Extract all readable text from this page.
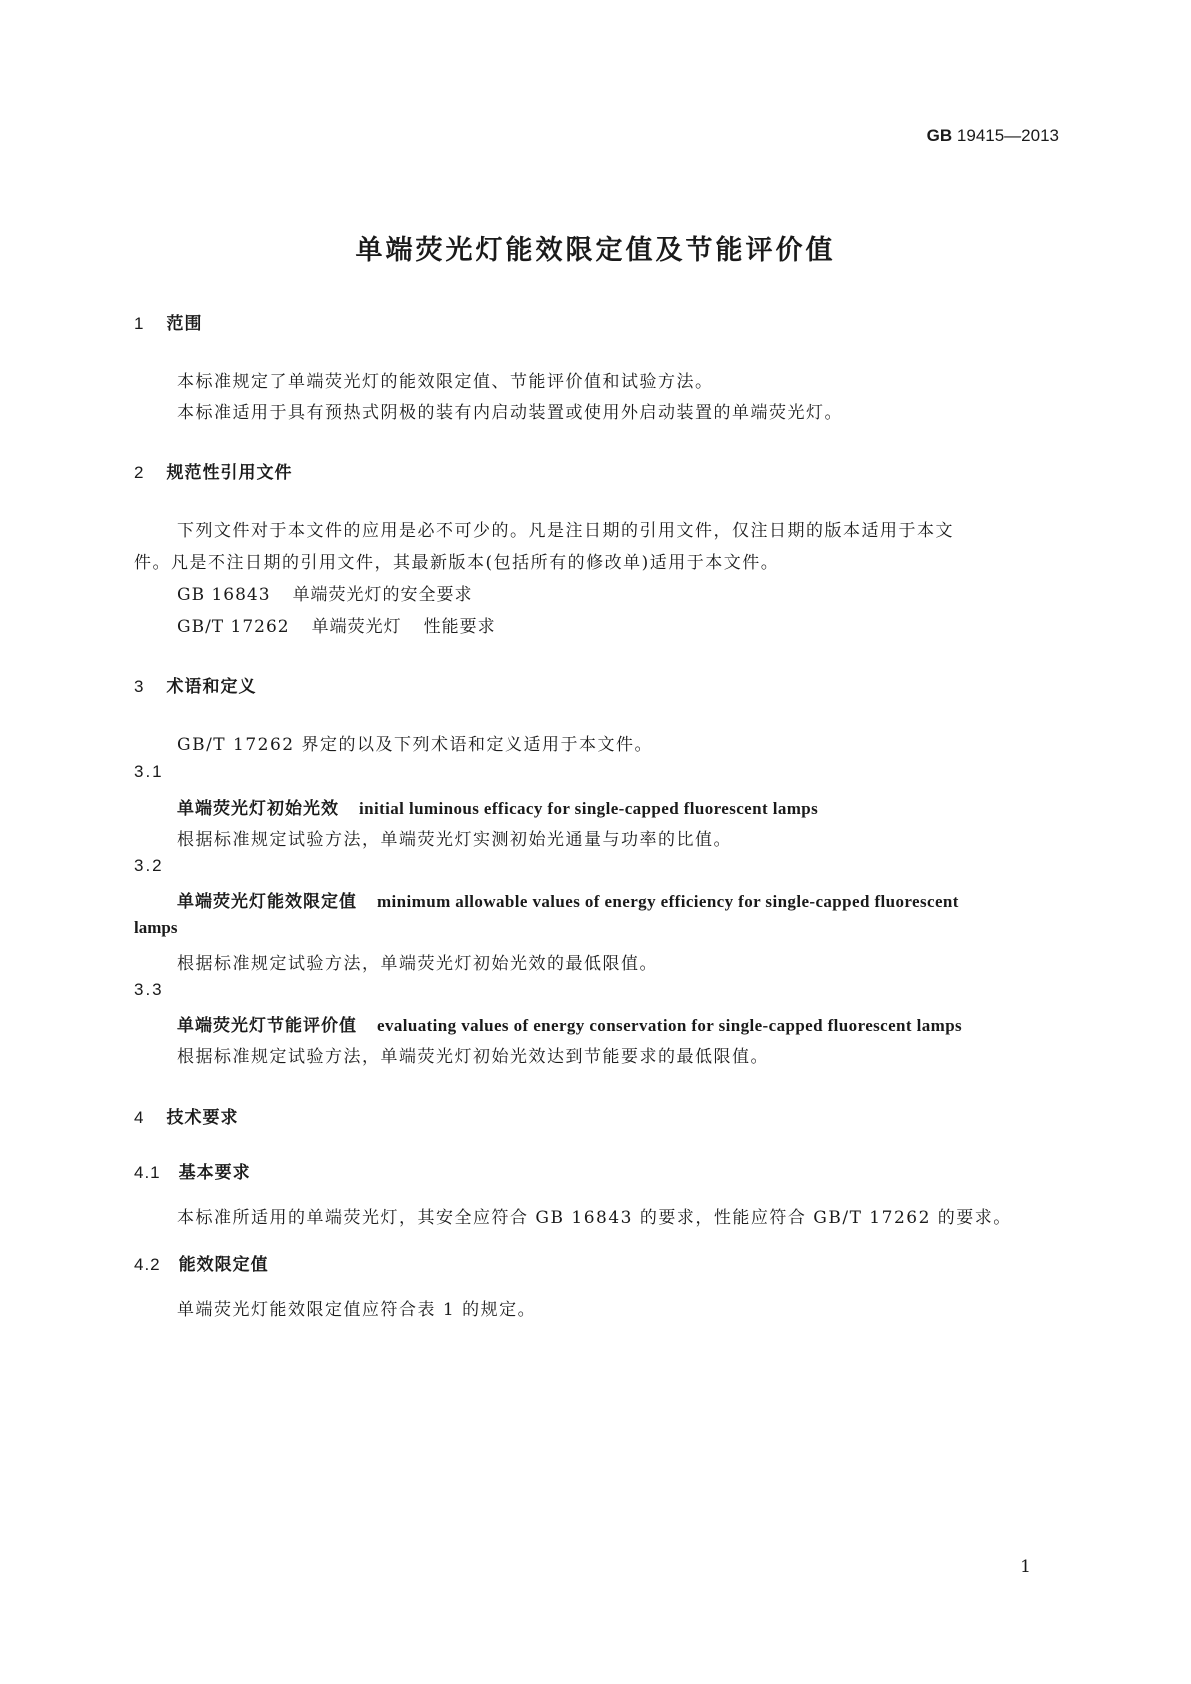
GB 19415—2013
单端荧光灯能效限定值及节能评价值
1 范围
本标准规定了单端荧光灯的能效限定值、节能评价值和试验方法。
本标准适用于具有预热式阴极的装有内启动装置或使用外启动装置的单端荧光灯。
2 规范性引用文件
下列文件对于本文件的应用是必不可少的。凡是注日期的引用文件，仅注日期的版本适用于本文
件。凡是不注日期的引用文件，其最新版本(包括所有的修改单)适用于本文件。
GB 16843 单端荧光灯的安全要求
GB/T 17262 单端荧光灯 性能要求
3 术语和定义
GB/T 17262 界定的以及下列术语和定义适用于本文件。
3.1
单端荧光灯初始光效 initial luminous efficacy for single-capped fluorescent lamps
根据标准规定试验方法，单端荧光灯实测初始光通量与功率的比值。
3.2
单端荧光灯能效限定值 minimum allowable values of energy efficiency for single-capped fluorescent
lamps
根据标准规定试验方法，单端荧光灯初始光效的最低限值。
3.3
单端荧光灯节能评价值 evaluating values of energy conservation for single-capped fluorescent lamps
根据标准规定试验方法，单端荧光灯初始光效达到节能要求的最低限值。
4 技术要求
4.1 基本要求
本标准所适用的单端荧光灯，其安全应符合 GB 16843 的要求，性能应符合 GB/T 17262 的要求。
4.2 能效限定值
单端荧光灯能效限定值应符合表 1 的规定。
1
